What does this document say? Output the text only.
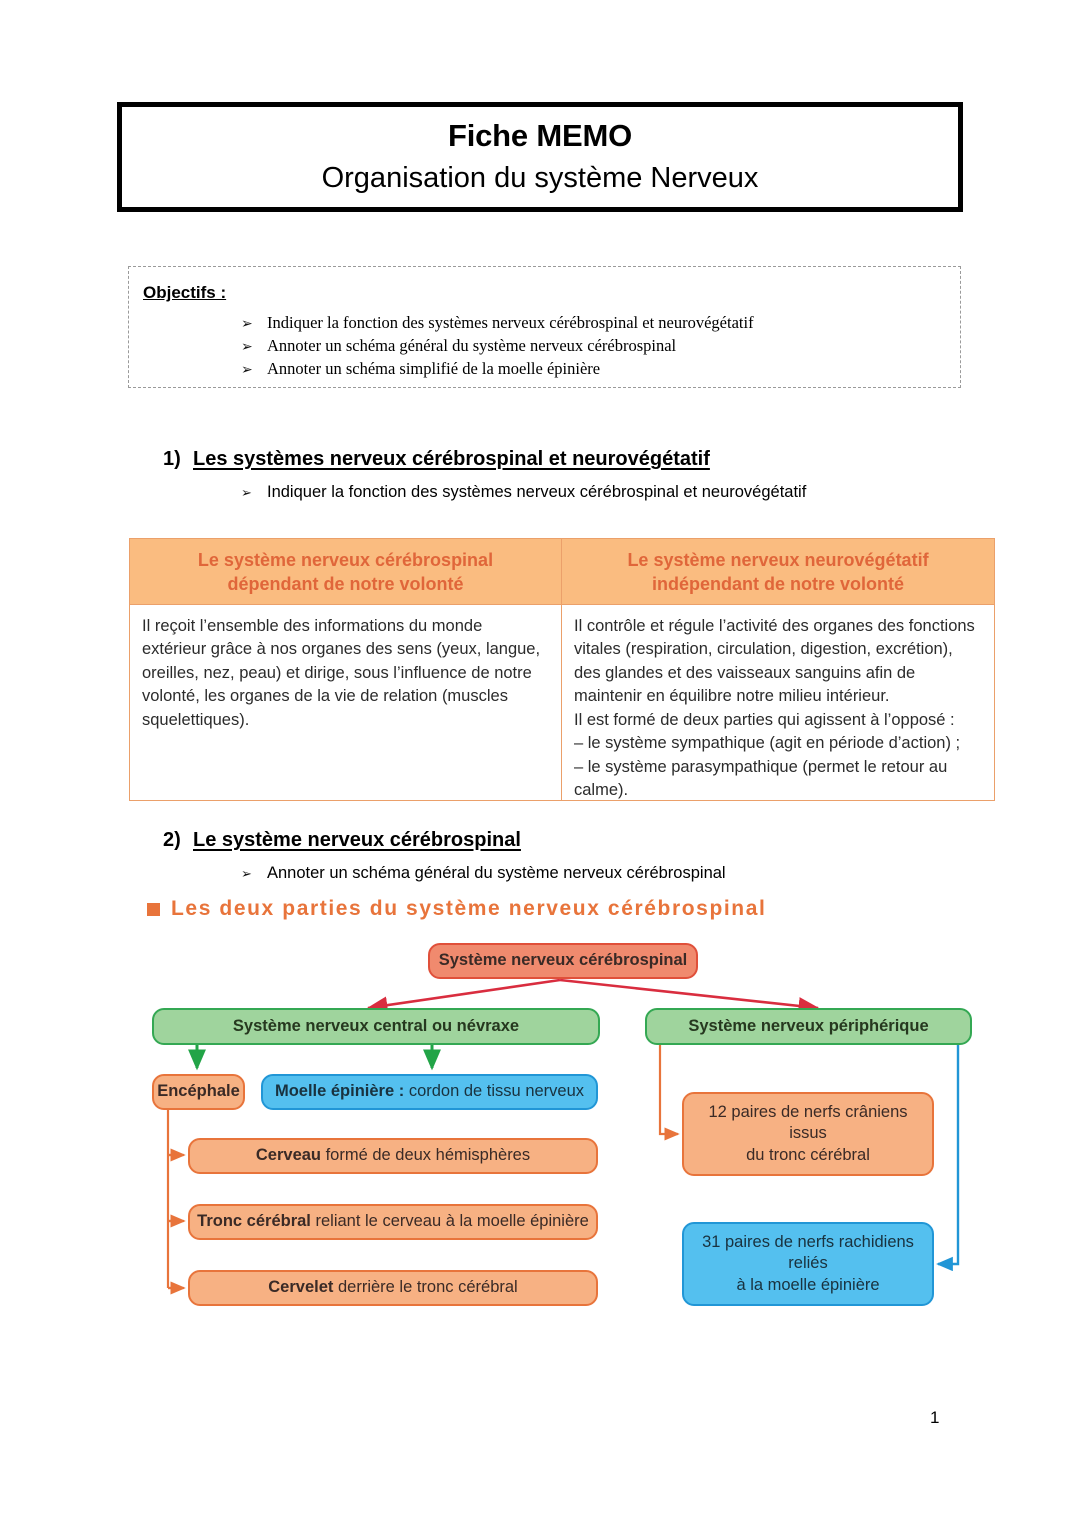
Fiche MEMO
Organisation du système Nerveux
Objectifs :
➢ Indiquer la fonction des systèmes nerveux cérébrospinal et neurovégétatif
➢ Annoter un schéma général du système nerveux cérébrospinal
➢ Annoter un schéma simplifié de la moelle épinière
1) Les systèmes nerveux cérébrospinal et neurovégétatif
➢ Indiquer la fonction des systèmes nerveux cérébrospinal et neurovégétatif
Le système nerveux cérébrospinal
dépendant de notre volonté

Il reçoit l’ensemble des informations du monde extérieur grâce à nos organes des sens (yeux, langue, oreilles, nez, peau) et dirige, sous l’influence de notre volonté, les organes de la vie de relation (muscles squelettiques).

Le système nerveux neurovégétatif
indépendant de notre volonté

Il contrôle et régule l’activité des organes des fonctions vitales (respiration, circulation, digestion, excrétion), des glandes et des vaisseaux sanguins afin de maintenir en équilibre notre milieu intérieur.

Il est formé de deux parties qui agissent à l’opposé :

– le système sympathique (agit en période d’action) ;

– le système parasympathique (permet le retour au calme).

2) Le système nerveux cérébrospinal
➢ Annoter un schéma général du système nerveux cérébrospinal
Les deux parties du système nerveux cérébrospinal
Système nerveux cérébrospinal
Système nerveux central ou névraxe	Système nerveux périphérique
Encéphale Moelle épinière : cordon de tissu nerveux
Cerveau formé de deux hémisphères
Tronc cérébral reliant le cerveau à la moelle épinière
Cervelet derrière le tronc cérébral
12 paires de nerfs crâniens
issus
du tronc cérébral
31 paires de nerfs rachidiens
reliés
à la moelle épinière
1
